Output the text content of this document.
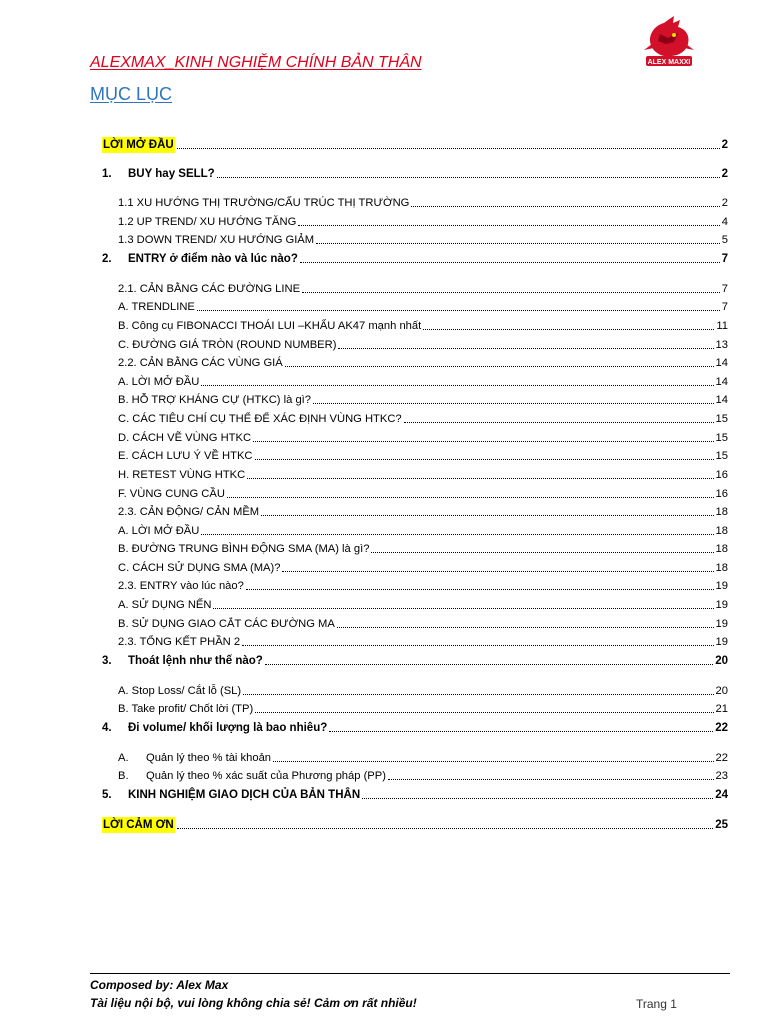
ALEXMAX_KINH NGHIỆM CHÍNH BẢN THÂN
MỤC LỤC
ALEX MAXXI
LỜI MỞ ĐẦU	2
1.	BUY hay SELL?	2
1.1 XU HƯỚNG THỊ TRƯỜNG/CẤU TRÚC THỊ TRƯỜNG	2
1.2 UP TREND/ XU HƯỚNG TĂNG	4
1.3 DOWN TREND/ XU HƯỚNG GIẢM	5
2.	ENTRY ở điểm nào và lúc nào?	7
2.1. CẢN BẰNG CÁC ĐƯỜNG LINE	7
A. TRENDLINE	7
B. Công cụ FIBONACCI THOÁI LUI –KHẨU AK47 mạnh nhất	11
C. ĐƯỜNG GIÁ TRÒN (ROUND NUMBER)	13
2.2. CẢN BẰNG CÁC VÙNG GIÁ	14
A. LỜI MỞ ĐẦU	14
B. HỖ TRỢ KHÁNG CỰ (HTKC) là gì?	14
C. CÁC TIÊU CHÍ CỤ THỂ ĐỂ XÁC ĐỊNH VÙNG HTKC?	15
D. CÁCH VẼ VÙNG HTKC	15
E. CÁCH LƯU Ý VỀ HTKC	15
H. RETEST VÙNG HTKC	16
F. VÙNG CUNG CẦU	16
2.3. CẢN ĐỘNG/ CẢN MỀM	18
A. LỜI MỞ ĐẦU	18
B. ĐƯỜNG TRUNG BÌNH ĐỘNG SMA (MA) là gì?	18
C. CÁCH SỬ DỤNG SMA (MA)?	18
2.3. ENTRY vào lúc nào?	19
A. SỬ DỤNG NẾN	19
B. SỬ DỤNG GIAO CẮT CÁC ĐƯỜNG MA	19
2.3. TỔNG KẾT PHẦN 2	19
3.	Thoát lệnh như thế nào?	20
A. Stop Loss/ Cắt lỗ (SL)	20
B. Take profit/ Chốt lời (TP)	21
4.	Đi volume/ khối lượng là bao nhiêu?	22
A.	Quản lý theo % tài khoản	22
B.	Quản lý theo % xác suất của Phương pháp (PP)	23
5.	KINH NGHIỆM GIAO DỊCH CỦA BẢN THÂN	24
LỜI CẢM ƠN	25
Composed by: Alex Max
Tài liệu nội bộ, vui lòng không chia sẻ! Cảm ơn rất nhiều!	Trang 1
